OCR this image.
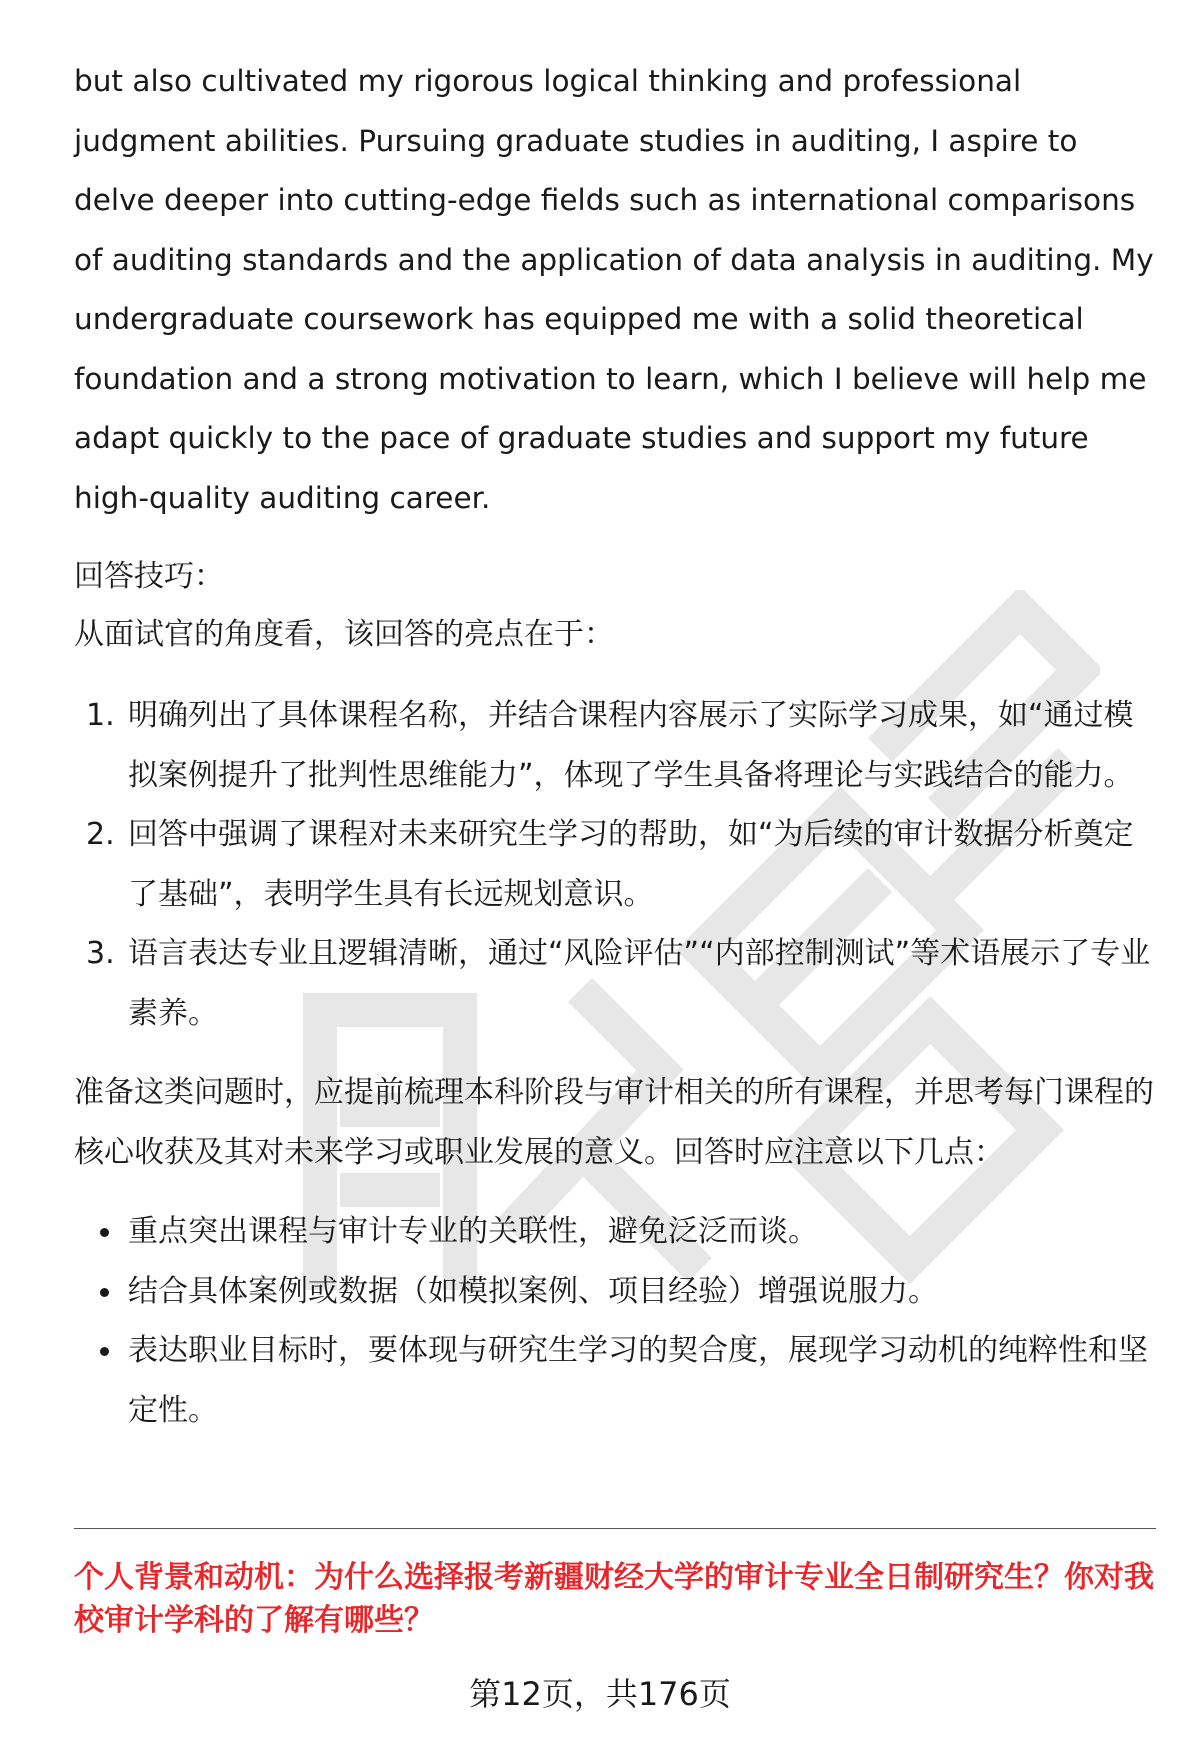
but also cultivated my rigorous logical thinking and professional judgment abilities. Pursuing graduate studies in auditing, I aspire to delve deeper into cutting-edge fields such as international comparisons of auditing standards and the application of data analysis in auditing. My undergraduate coursework has equipped me with a solid theoretical foundation and a strong motivation to learn, which I believe will help me adapt quickly to the pace of graduate studies and support my future high-quality auditing career.

回答技巧：

从面试官的角度看，该回答的亮点在于：

1. 明确列出了具体课程名称，并结合课程内容展示了实际学习成果，如“通过模拟案例提升了批判性思维能力”，体现了学生具备将理论与实践结合的能力。
2. 回答中强调了课程对未来研究生学习的帮助，如“为后续的审计数据分析奠定了基础”，表明学生具有长远规划意识。
3. 语言表达专业且逻辑清晰，通过“风险评估”“内部控制测试”等术语展示了专业素养。

准备这类问题时，应提前梳理本科阶段与审计相关的所有课程，并思考每门课程的核心收获及其对未来学习或职业发展的意义。回答时应注意以下几点：

重点突出课程与审计专业的关联性，避免泛泛而谈。
结合具体案例或数据（如模拟案例、项目经验）增强说服力。
表达职业目标时，要体现与研究生学习的契合度，展现学习动机的纯粹性和坚定性。

个人背景和动机：为什么选择报考新疆财经大学的审计专业全日制研究生？你对我校审计学科的了解有哪些？

第12页，共176页
